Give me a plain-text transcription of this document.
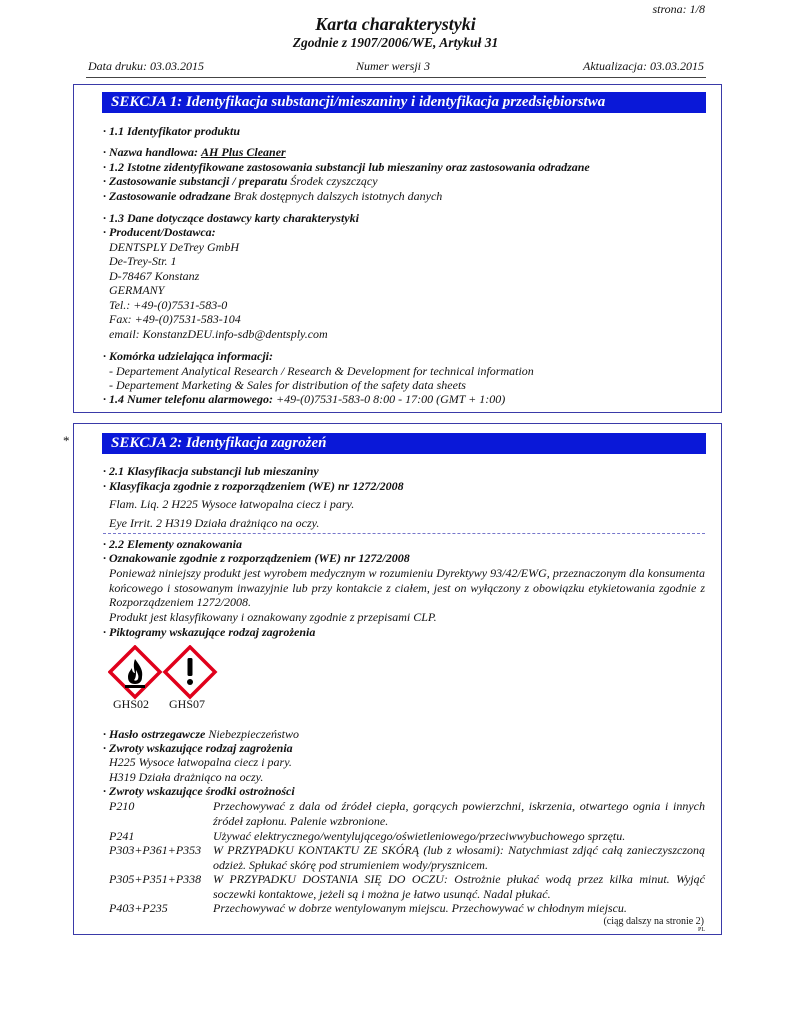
strona: 1/8
Karta charakterystyki
Zgodnie z 1907/2006/WE, Artykuł 31
Data druku: 03.03.2015	Numer wersji 3	Aktualizacja: 03.03.2015
SEKCJA 1: Identyfikacja substancji/mieszaniny i identyfikacja przedsiębiorstwa
· 1.1 Identyfikator produktu
· Nazwa handlowa: AH Plus Cleaner
· 1.2 Istotne zidentyfikowane zastosowania substancji lub mieszaniny oraz zastosowania odradzane
· Zastosowanie substancji / preparatu Środek czyszczący
· Zastosowanie odradzane Brak dostępnych dalszych istotnych danych
· 1.3 Dane dotyczące dostawcy karty charakterystyki
· Producent/Dostawca:
DENTSPLY DeTrey GmbH
De-Trey-Str. 1
D-78467 Konstanz
GERMANY
Tel.: +49-(0)7531-583-0
Fax: +49-(0)7531-583-104
email: KonstanzDEU.info-sdb@dentsply.com
· Komórka udzielająca informacji:
- Departement Analytical Research / Research & Development for technical information
- Departement Marketing & Sales for distribution of the safety data sheets
· 1.4 Numer telefonu alarmowego: +49-(0)7531-583-0 8:00 - 17:00 (GMT + 1:00)
*	SEKCJA 2: Identyfikacja zagrożeń
· 2.1 Klasyfikacja substancji lub mieszaniny
· Klasyfikacja zgodnie z rozporządzeniem (WE) nr 1272/2008
Flam. Liq. 2 H225 Wysoce łatwopalna ciecz i pary.
Eye Irrit. 2 H319 Działa drażniąco na oczy.
· 2.2 Elementy oznakowania
· Oznakowanie zgodnie z rozporządzeniem (WE) nr 1272/2008
Ponieważ niniejszy produkt jest wyrobem medycznym w rozumieniu Dyrektywy 93/42/EWG, przeznaczonym dla konsumenta końcowego i stosowanym inwazyjnie lub przy kontakcie z ciałem, jest on wyłączony z obowiązku etykietowania zgodnie z Rozporządzeniem 1272/2008.
Produkt jest klasyfikowany i oznakowany zgodnie z przepisami CLP.
· Piktogramy wskazujące rodzaj zagrożenia
GHS02 GHS07
· Hasło ostrzegawcze Niebezpieczeństwo
· Zwroty wskazujące rodzaj zagrożenia
H225 Wysoce łatwopalna ciecz i pary.
H319 Działa drażniąco na oczy.
· Zwroty wskazujące środki ostrożności
P210	Przechowywać z dala od źródeł ciepła, gorących powierzchni, iskrzenia, otwartego ognia i innych źródeł zapłonu. Palenie wzbronione.
P241	Używać elektrycznego/wentylującego/oświetleniowego/przeciwwybuchowego sprzętu.
P303+P361+P353 W PRZYPADKU KONTAKTU ZE SKÓRĄ (lub z włosami): Natychmiast zdjąć całą zanieczyszczoną odzież. Spłukać skórę pod strumieniem wody/prysznicem.
P305+P351+P338 W PRZYPADKU DOSTANIA SIĘ DO OCZU: Ostrożnie płukać wodą przez kilka minut. Wyjąć soczewki kontaktowe, jeżeli są i można je łatwo usunąć. Nadal płukać.
P403+P235	Przechowywać w dobrze wentylowanym miejscu. Przechowywać w chłodnym miejscu.
(ciąg dalszy na stronie 2)
PL
